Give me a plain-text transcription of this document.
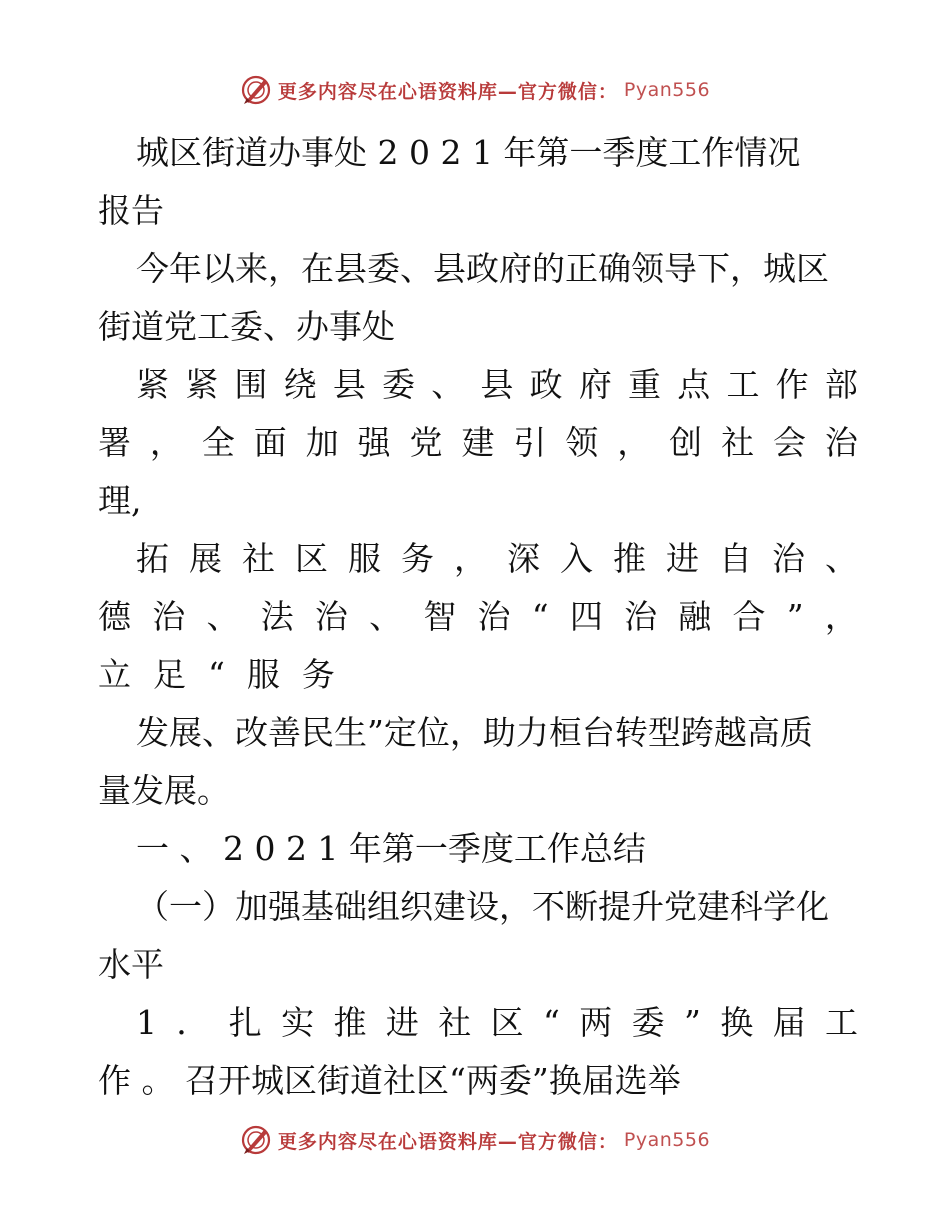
更多内容尽在心语资料库—官方微信： Pyan556
城区街道办事处 2 0 2 1 年第一季度工作情况
报告
今年以来，在县委、县政府的正确领导下，城区
街道党工委、办事处
紧 紧 围 绕 县 委 、 县 政 府 重 点 工 作 部
署 ， 全 面 加 强 党 建 引 领 ， 创 社 会 治
理,
拓 展 社 区 服 务 ， 深 入 推 进 自 治 、
德 治 、 法 治 、 智 治 “ 四 治 融 合 ” ，
立足“服务
发展、改善民生”定位，助力桓台转型跨越高质
量发展。
一 、 2 0 2 1 年第一季度工作总结
（一）加强基础组织建设，不断提升党建科学化
水平
1 ． 扎 实 推 进 社 区 “ 两 委 ” 换 届 工
作 。 召开城区街道社区“两委”换届选举
更多内容尽在心语资料库—官方微信： Pyan556
